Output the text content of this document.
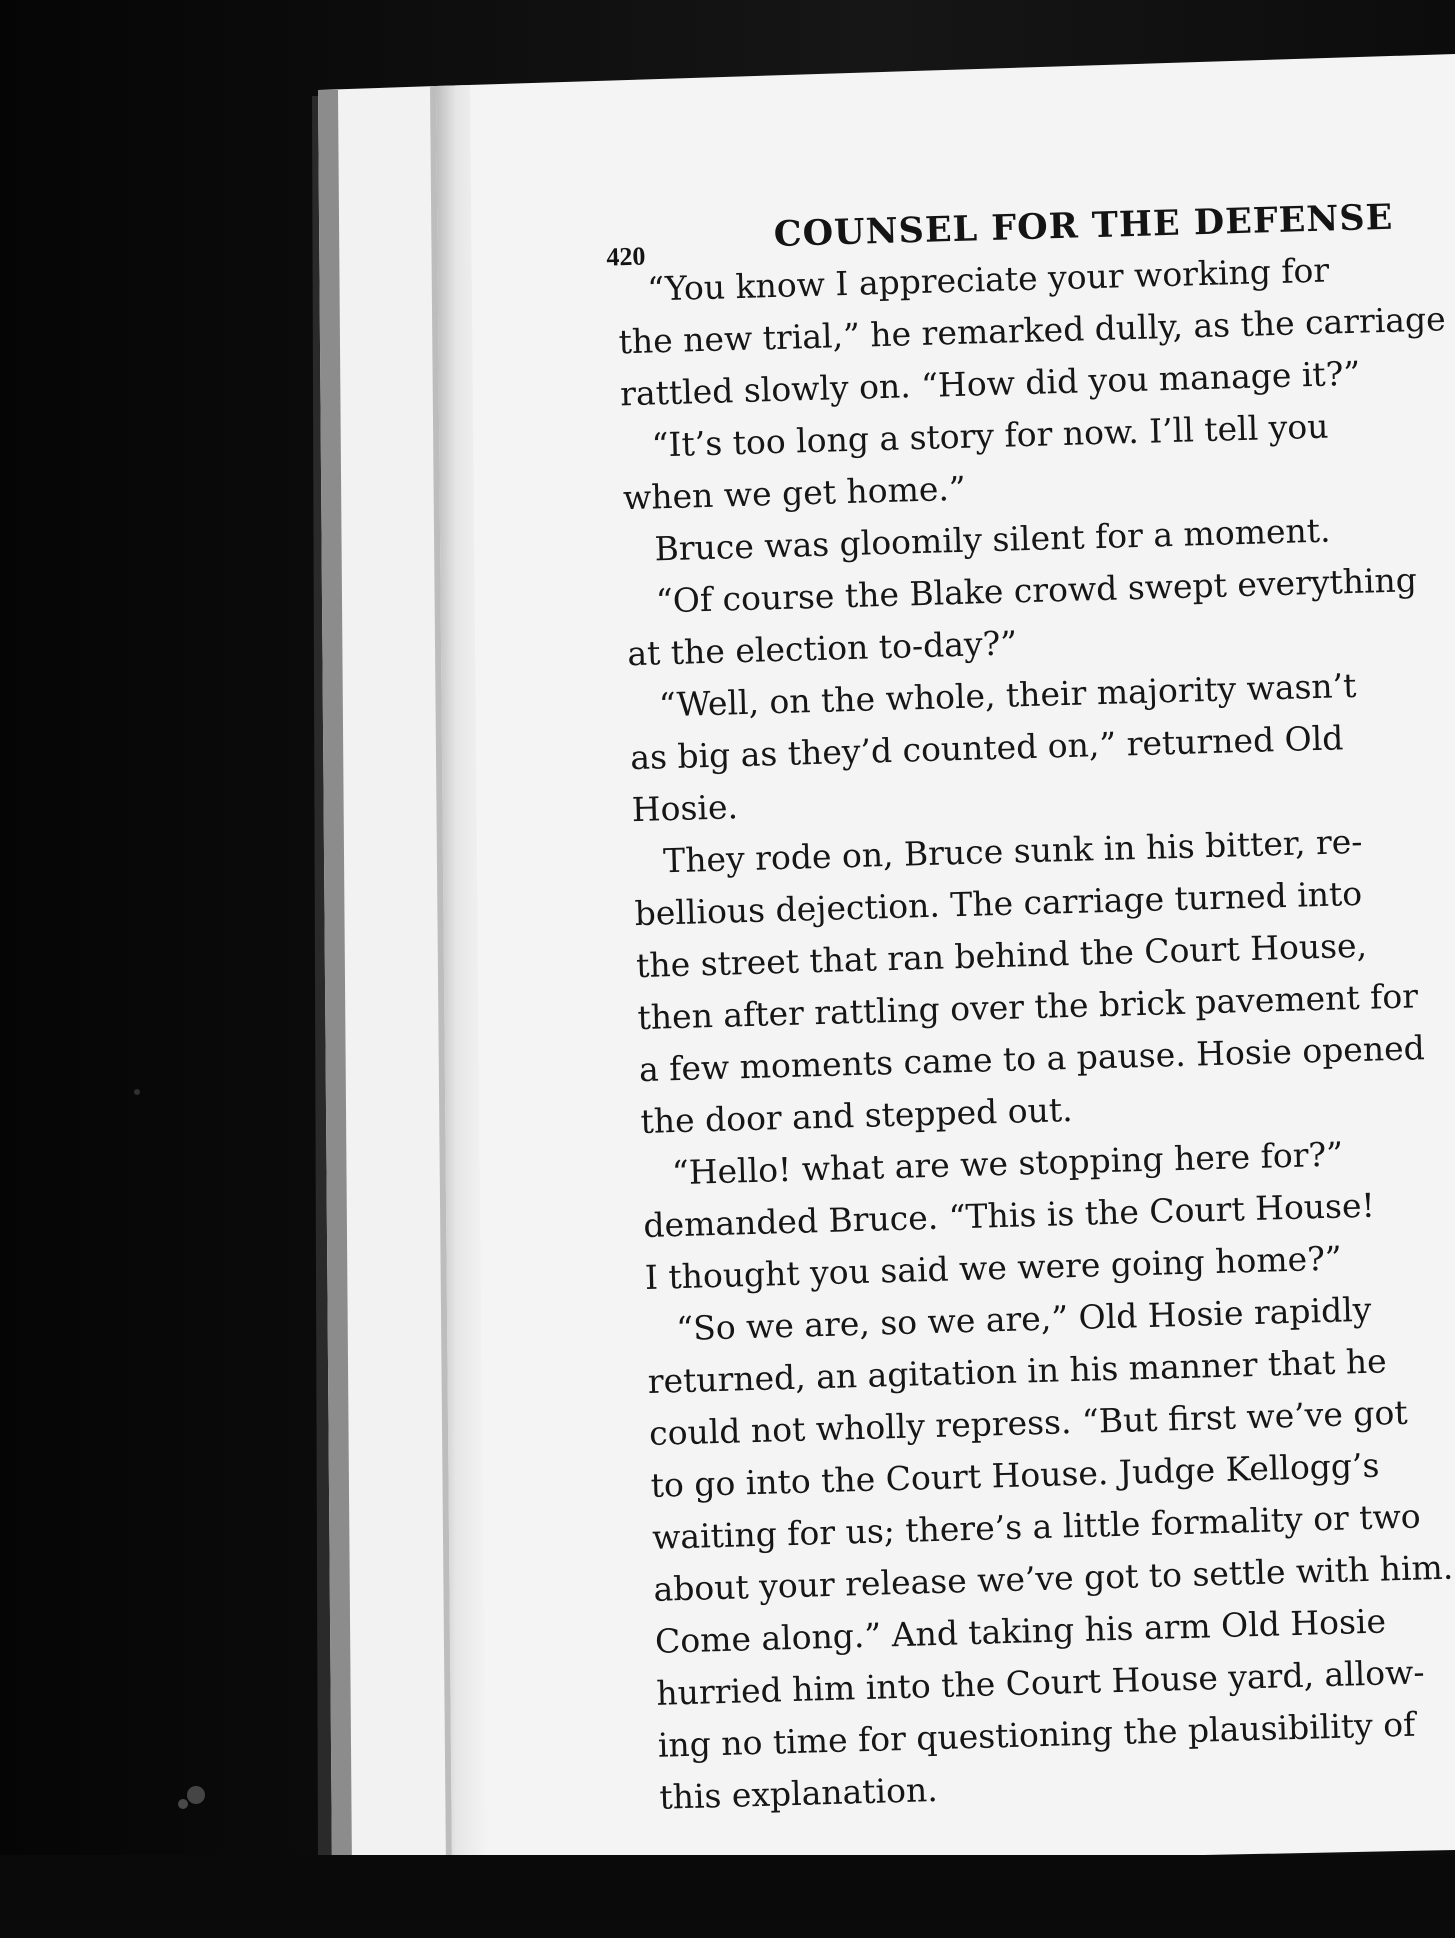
420
COUNSEL FOR THE DEFENSE
“You know I appreciate your working for
the new trial,” he remarked dully, as the carriage
rattled slowly on. “How did you manage it?”
“It’s too long a story for now. I’ll tell you
when we get home.”
Bruce was gloomily silent for a moment.
“Of course the Blake crowd swept everything
at the election to-day?”
“Well, on the whole, their majority wasn’t
as big as they’d counted on,” returned Old
Hosie.
They rode on, Bruce sunk in his bitter, re-
bellious dejection. The carriage turned into
the street that ran behind the Court House,
then after rattling over the brick pavement for
a few moments came to a pause. Hosie opened
the door and stepped out.
“Hello! what are we stopping here for?”
demanded Bruce. “This is the Court House!
I thought you said we were going home?”
“So we are, so we are,” Old Hosie rapidly
returned, an agitation in his manner that he
could not wholly repress. “But first we’ve got
to go into the Court House. Judge Kellogg’s
waiting for us; there’s a little formality or two
about your release we’ve got to settle with him.
Come along.” And taking his arm Old Hosie
hurried him into the Court House yard, allow-
ing no time for questioning the plausibility of
this explanation.
